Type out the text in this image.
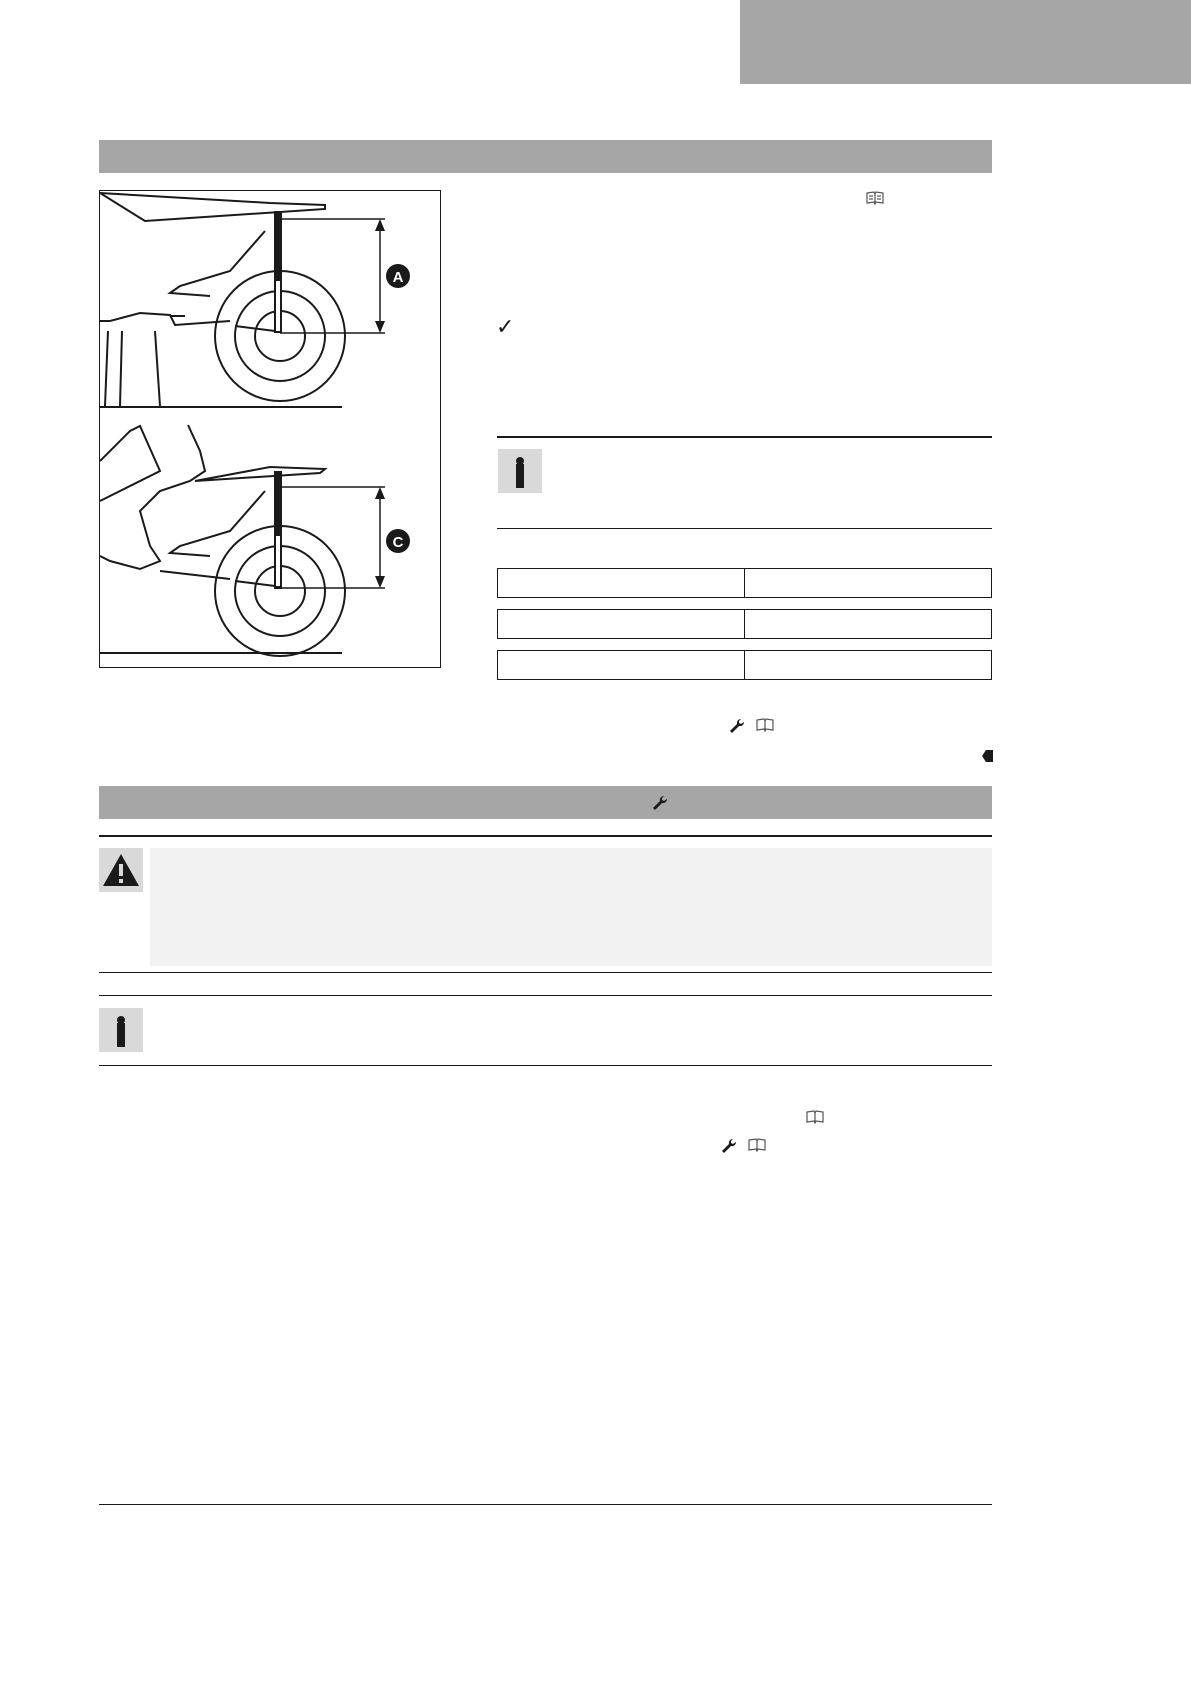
A
C
✓
